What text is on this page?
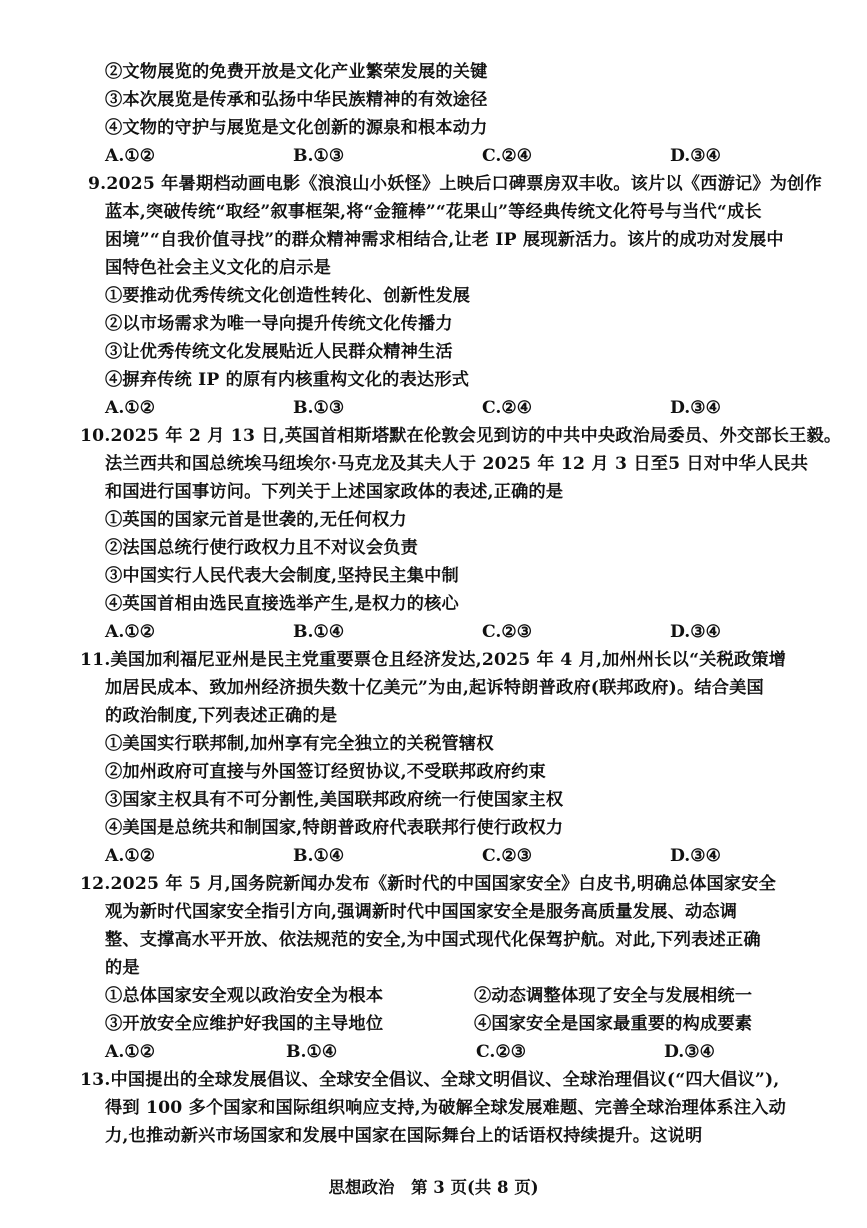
②文物展览的免费开放是文化产业繁荣发展的关键
③本次展览是传承和弘扬中华民族精神的有效途径
④文物的守护与展览是文化创新的源泉和根本动力
A.①②	B.①③	C.②④	D.③④
9.2025 年暑期档动画电影《浪浪山小妖怪》上映后口碑票房双丰收。该片以《西游记》为创作
蓝本,突破传统“取经”叙事框架,将“金箍棒”“花果山”等经典传统文化符号与当代“成长
困境”“自我价值寻找”的群众精神需求相结合,让老 IP 展现新活力。该片的成功对发展中
国特色社会主义文化的启示是
①要推动优秀传统文化创造性转化、创新性发展
②以市场需求为唯一导向提升传统文化传播力
③让优秀传统文化发展贴近人民群众精神生活
④摒弃传统 IP 的原有内核重构文化的表达形式
A.①②	B.①③	C.②④	D.③④
10.2025 年 2 月 13 日,英国首相斯塔默在伦敦会见到访的中共中央政治局委员、外交部长王毅。
法兰西共和国总统埃马纽埃尔·马克龙及其夫人于 2025 年 12 月 3 日至5 日对中华人民共
和国进行国事访问。下列关于上述国家政体的表述,正确的是
①英国的国家元首是世袭的,无任何权力
②法国总统行使行政权力且不对议会负责
③中国实行人民代表大会制度,坚持民主集中制
④英国首相由选民直接选举产生,是权力的核心
A.①②	B.①④	C.②③	D.③④
11.美国加利福尼亚州是民主党重要票仓且经济发达,2025 年 4 月,加州州长以“关税政策增
加居民成本、致加州经济损失数十亿美元”为由,起诉特朗普政府(联邦政府)。结合美国
的政治制度,下列表述正确的是
①美国实行联邦制,加州享有完全独立的关税管辖权
②加州政府可直接与外国签订经贸协议,不受联邦政府约束
③国家主权具有不可分割性,美国联邦政府统一行使国家主权
④美国是总统共和制国家,特朗普政府代表联邦行使行政权力
A.①②	B.①④	C.②③	D.③④
12.2025 年 5 月,国务院新闻办发布《新时代的中国国家安全》白皮书,明确总体国家安全
观为新时代国家安全指引方向,强调新时代中国国家安全是服务高质量发展、动态调
整、支撑高水平开放、依法规范的安全,为中国式现代化保驾护航。对此,下列表述正确
的是
①总体国家安全观以政治安全为根本	②动态调整体现了安全与发展相统一
③开放安全应维护好我国的主导地位	④国家安全是国家最重要的构成要素
A.①②	B.①④	C.②③	D.③④
13.中国提出的全球发展倡议、全球安全倡议、全球文明倡议、全球治理倡议(“四大倡议”),
得到 100 多个国家和国际组织响应支持,为破解全球发展难题、完善全球治理体系注入动
力,也推动新兴市场国家和发展中国家在国际舞台上的话语权持续提升。这说明
思想政治　第 3 页(共 8 页)
